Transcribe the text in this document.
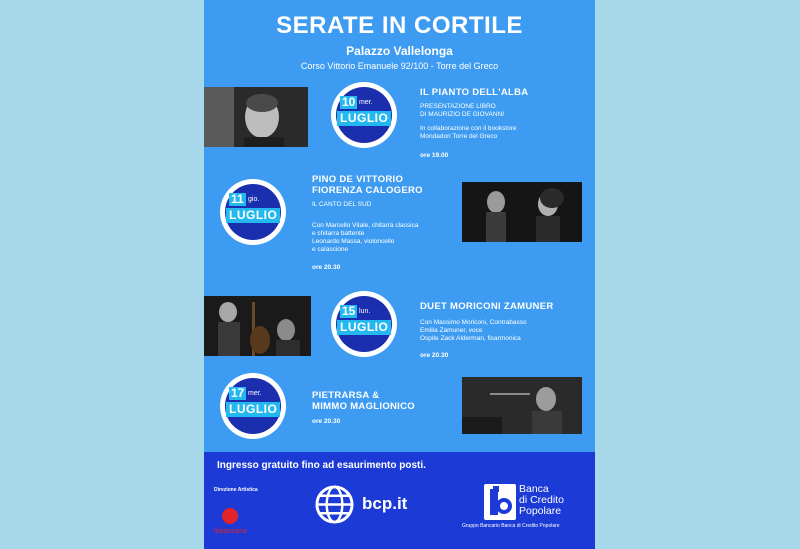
SERATE IN CORTILE
Palazzo Vallelonga
Corso Vittorio Emanuele 92/100 - Torre del Greco
10 mer.
LUGLIO
IL PIANTO DELL'ALBA
PRESENTAZIONE LIBRO
DI MAURIZIO DE GIOVANNI
In collaborazione con il bookstore
Mondadori Torre del Greco
ore 19.00
11 gio.
LUGLIO
PINO DE VITTORIO
FIORENZA CALOGERO
IL CANTO DEL SUD
Con Marcello Vitale, chitarra classica
e chitarra battente
Leonardo Massa, violoncello
e calascione
ore 20.30
15 lun.
LUGLIO
DUET MORICONI ZAMUNER
Con Massimo Moriconi, Contrabasso
Emilia Zamuner, voce
Ospite Zack Alderman, fisarmonica
ore 20.30
17 mer.
LUGLIO
PIETRARSA &
MIMMO MAGLIONICO
ore 20.30
Ingresso gratuito fino ad esaurimento posti.
Direzione Artistica
labazzarra
bcp.it
Banca
di Credito
Popolare
Gruppo Bancario Banca di Credito Popolare
